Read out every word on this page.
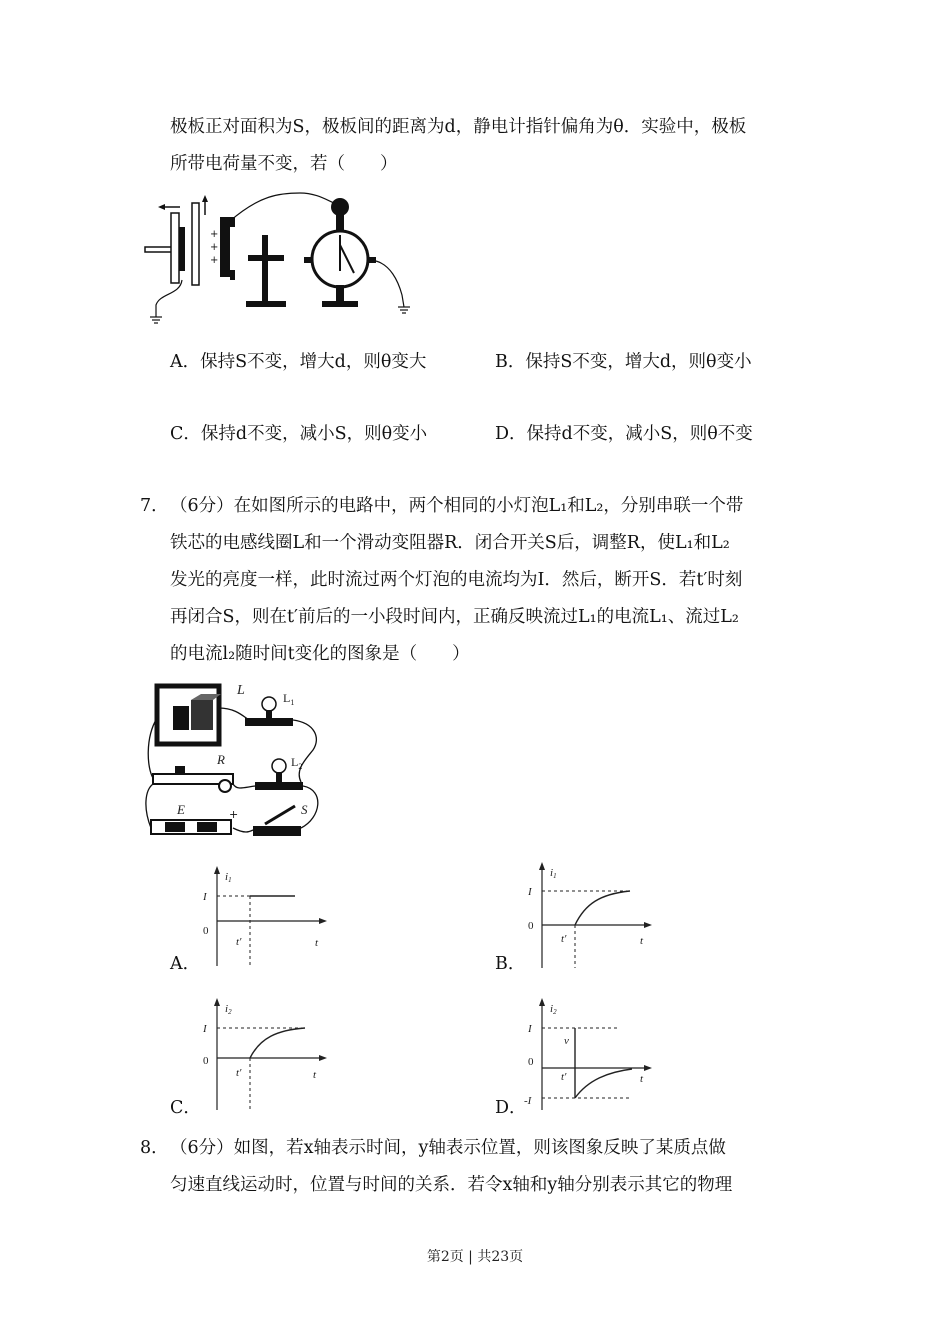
极板正对面积为S，极板间的距离为d，静电计指针偏角为θ．实验中，极板
所带电荷量不变，若（　　）
+
+
+
A．保持S不变，增大d，则θ变大	B．保持S不变，增大d，则θ变小
C．保持d不变，减小S，则θ变小	D．保持d不变，减小S，则θ不变
7． （6分）在如图所示的电路中，两个相同的小灯泡L₁和L₂，分别串联一个带
铁芯的电感线圈L和一个滑动变阻器R．闭合开关S后，调整R，使L₁和L₂
发光的亮度一样，此时流过两个灯泡的电流均为I．然后，断开S．若t′时刻
再闭合S，则在t′前后的一小段时间内，正确反映流过L₁的电流L₁、流过L₂
的电流l₂随时间t变化的图象是（　　）
L	$L_1$
R	$L_2$
E	+	S
A．
i1
I
0
t′	t
B．
i1
I
0
t′	t
C．
i2
I
0
t′	t
D．
i2
I
v
0
t′	t
-I
8． （6分）如图，若x轴表示时间，y轴表示位置，则该图象反映了某质点做
匀速直线运动时，位置与时间的关系．若令x轴和y轴分别表示其它的物理
第2页 | 共23页
